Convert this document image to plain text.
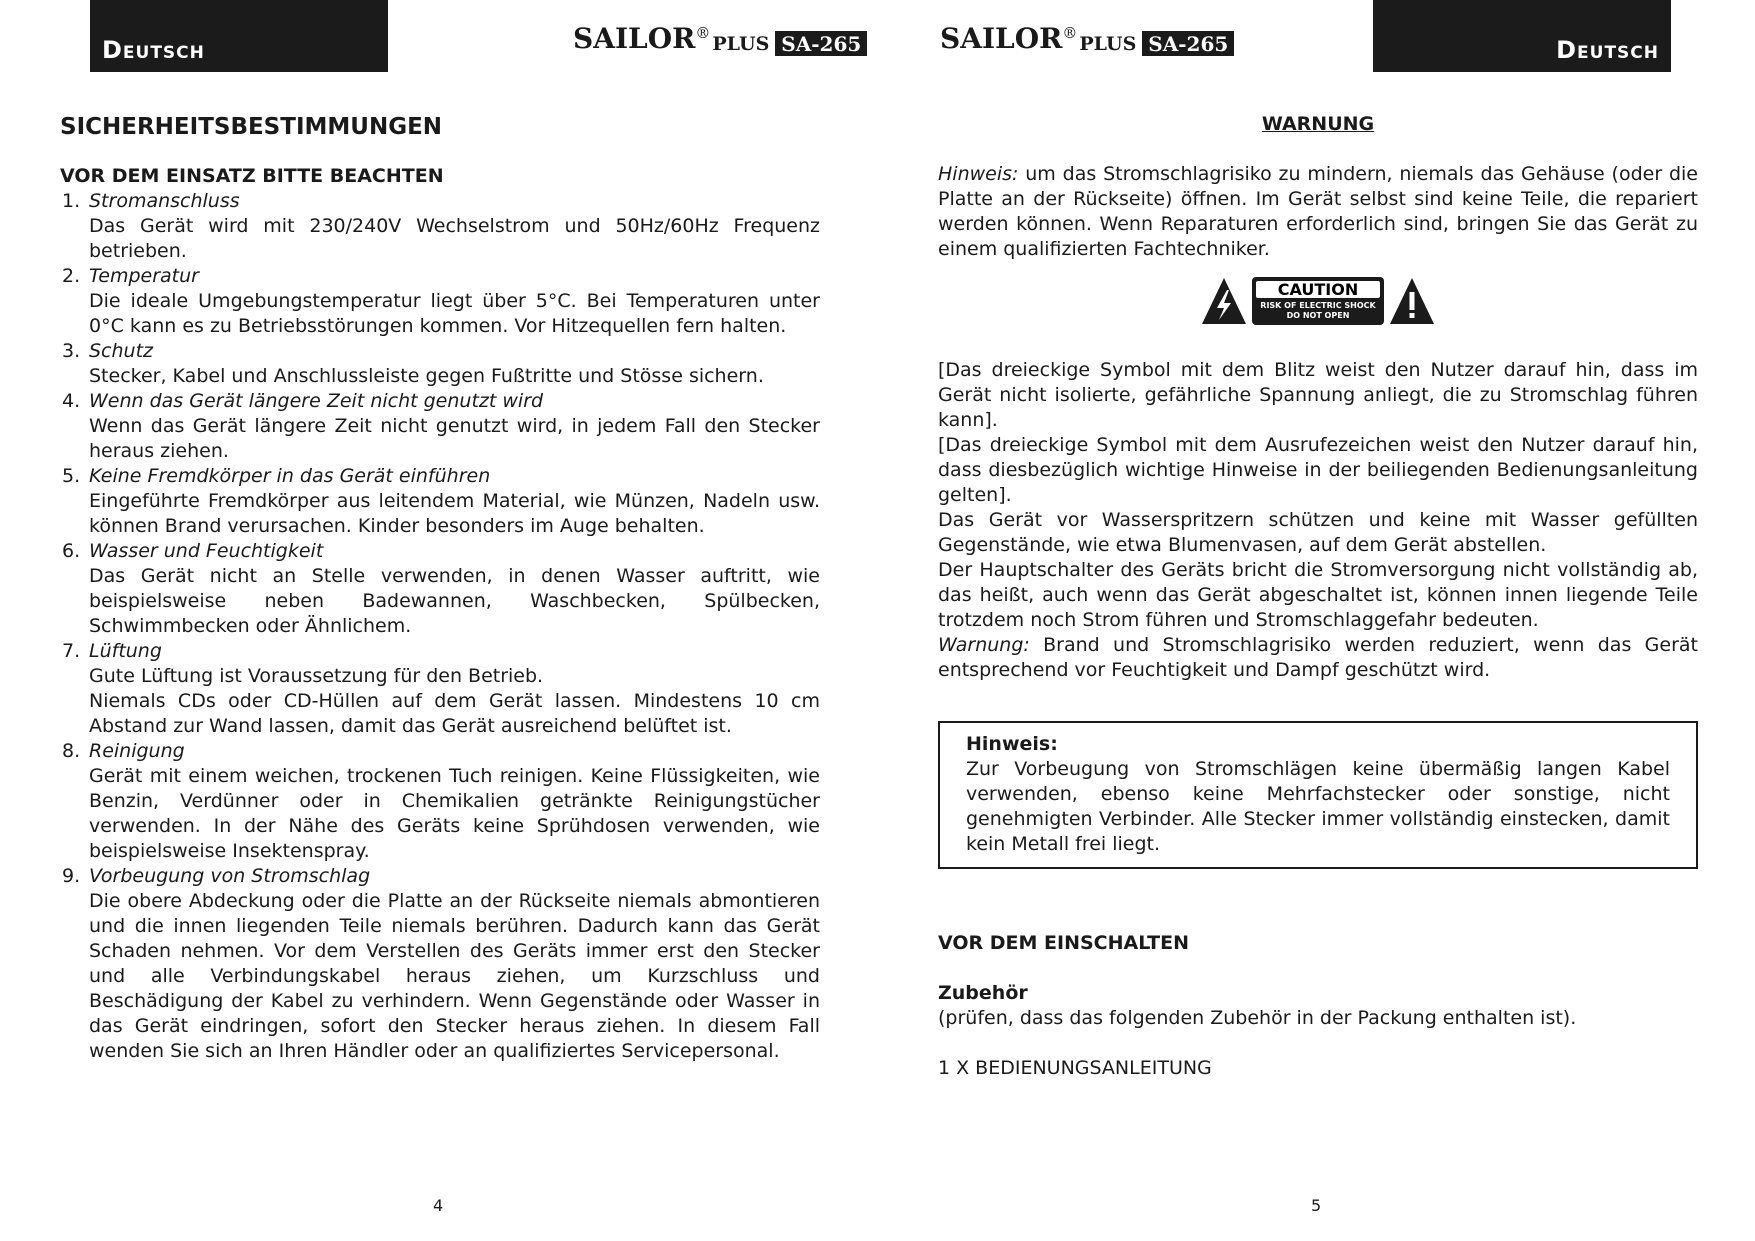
Deutsch	SAILOR ® PLUS SA-265
SICHERHEITSBESTIMMUNGEN
VOR DEM EINSATZ BITTE BEACHTEN
1. Stromanschluss

Das Gerät wird mit 230/240V Wechselstrom und 50Hz/60Hz Frequenz betrieben.

2. Temperatur

Die ideale Umgebungstemperatur liegt über 5°C. Bei Temperaturen unter 0°C kann es zu Betriebsstörungen kommen. Vor Hitzequellen fern halten.

3. Schutz

Stecker, Kabel und Anschlussleiste gegen Fußtritte und Stösse sichern.

4. Wenn das Gerät längere Zeit nicht genutzt wird

Wenn das Gerät längere Zeit nicht genutzt wird, in jedem Fall den Stecker heraus ziehen.

5. Keine Fremdkörper in das Gerät einführen

Eingeführte Fremdkörper aus leitendem Material, wie Münzen, Nadeln usw. können Brand verursachen. Kinder besonders im Auge behalten.

6. Wasser und Feuchtigkeit

Das Gerät nicht an Stelle verwenden, in denen Wasser auftritt, wie beispielsweise neben Badewannen, Waschbecken, Spülbecken, Schwimmbecken oder Ähnlichem.

7. Lüftung

Gute Lüftung ist Voraussetzung für den Betrieb.

Niemals CDs oder CD-Hüllen auf dem Gerät lassen. Mindestens 10 cm Abstand zur Wand lassen, damit das Gerät ausreichend belüftet ist.

8. Reinigung

Gerät mit einem weichen, trockenen Tuch reinigen. Keine Flüssigkeiten, wie Benzin, Verdünner oder in Chemikalien getränkte Reinigungstücher verwenden. In der Nähe des Geräts keine Sprühdosen verwenden, wie beispielsweise Insektenspray.

9. Vorbeugung von Stromschlag

Die obere Abdeckung oder die Platte an der Rückseite niemals abmontieren und die innen liegenden Teile niemals berühren. Dadurch kann das Gerät Schaden nehmen. Vor dem Verstellen des Geräts immer erst den Stecker und alle Verbindungskabel heraus ziehen, um Kurzschluss und Beschädigung der Kabel zu verhindern. Wenn Gegenstände oder Wasser in das Gerät eindringen, sofort den Stecker heraus ziehen. In diesem Fall wenden Sie sich an Ihren Händler oder an qualifiziertes Servicepersonal.

4
SAILOR ® PLUS SA-265	Deutsch
WARNUNG

Hinweis: um das Stromschlagrisiko zu mindern, niemals das Gehäuse (oder die Platte an der Rückseite) öffnen. Im Gerät selbst sind keine Teile, die repariert werden können. Wenn Reparaturen erforderlich sind, bringen Sie das Gerät zu einem qualifizierten Fachtechniker.

CAUTION
RISK OF ELECTRIC SHOCK
DO NOT OPEN

[Das dreieckige Symbol mit dem Blitz weist den Nutzer darauf hin, dass im Gerät nicht isolierte, gefährliche Spannung anliegt, die zu Stromschlag führen kann].

[Das dreieckige Symbol mit dem Ausrufezeichen weist den Nutzer darauf hin, dass diesbezüglich wichtige Hinweise in der beiliegenden Bedienungsanleitung gelten].

Das Gerät vor Wasserspritzern schützen und keine mit Wasser gefüllten Gegenstände, wie etwa Blumenvasen, auf dem Gerät abstellen.

Der Hauptschalter des Geräts bricht die Stromversorgung nicht vollständig ab, das heißt, auch wenn das Gerät abgeschaltet ist, können innen liegende Teile trotzdem noch Strom führen und Stromschlaggefahr bedeuten.

Warnung: Brand und Stromschlagrisiko werden reduziert, wenn das Gerät entsprechend vor Feuchtigkeit und Dampf geschützt wird.

Hinweis:

Zur Vorbeugung von Stromschlägen keine übermäßig langen Kabel verwenden, ebenso keine Mehrfachstecker oder sonstige, nicht genehmigten Verbinder. Alle Stecker immer vollständig einstecken, damit kein Metall frei liegt.

VOR DEM EINSCHALTEN
Zubehör

(prüfen, dass das folgenden Zubehör in der Packung enthalten ist).

1 X BEDIENUNGSANLEITUNG

5
